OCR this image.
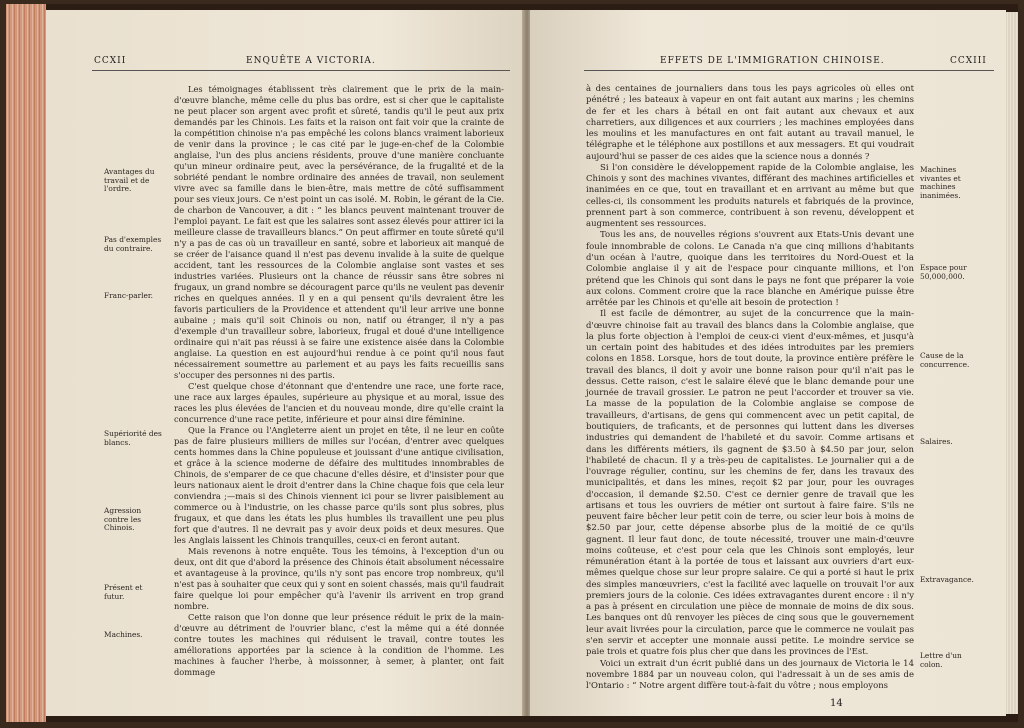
CCXII	ENQUÊTE A VICTORIA.
Avantages du travail et de l'ordre.
Pas d'exemples du contraire.
Franc-parler.
Supériorité des blancs.
Agression contre les Chinois.
Présent et futur.
Machines.

Les témoignages établissent très clairement que le prix de la main-d'œuvre blanche, même celle du plus bas ordre, est si cher que le capitaliste ne peut placer son argent avec profit et sûreté, tandis qu'il le peut aux prix demandés par les Chinois. Les faits et la raison ont fait voir que la crainte de la compétition chinoise n'a pas empêché les colons blancs vraiment laborieux de venir dans la province ; le cas cité par le juge-en-chef de la Colombie anglaise, l'un des plus anciens résidents, prouve d'une manière concluante qu'un mineur ordinaire peut, avec la persévérance, de la frugalité et de la sobriété pendant le nombre ordinaire des années de travail, non seulement vivre avec sa famille dans le bien-être, mais mettre de côté suffisamment pour ses vieux jours. Ce n'est point un cas isolé. M. Robin, le gérant de la Cie. de charbon de Vancouver, a dit : “ les blancs peuvent maintenant trouver de l'emploi payant. Le fait est que les salaires sont assez élevés pour attirer ici la meilleure classe de travailleurs blancs.” On peut affirmer en toute sûreté qu'il n'y a pas de cas où un travailleur en santé, sobre et laborieux ait manqué de se créer de l'aisance quand il n'est pas devenu invalide à la suite de quelque accident, tant les ressources de la Colombie anglaise sont vastes et ses industries variées. Plusieurs ont la chance de réussir sans être sobres ni frugaux, un grand nombre se découragent parce qu'ils ne veulent pas devenir riches en quelques années. Il y en a qui pensent qu'ils devraient être les favoris particuliers de la Providence et attendent qu'il leur arrive une bonne aubaine ; mais qu'il soit Chinois ou non, natif ou étranger, il n'y a pas d'exemple d'un travailleur sobre, laborieux, frugal et doué d'une intelligence ordinaire qui n'ait pas réussi à se faire une existence aisée dans la Colombie anglaise. La question en est aujourd'hui rendue à ce point qu'il nous faut nécessairement soumettre au parlement et au pays les faits recueillis sans s'occuper des personnes ni des partis.

C'est quelque chose d'étonnant que d'entendre une race, une forte race, une race aux larges épaules, supérieure au physique et au moral, issue des races les plus élevées de l'ancien et du nouveau monde, dire qu'elle craint la concurrence d'une race petite, inférieure et pour ainsi dire féminine.

Que la France ou l'Angleterre aient un projet en tête, il ne leur en coûte pas de faire plusieurs milliers de milles sur l'océan, d'entrer avec quelques cents hommes dans la Chine populeuse et jouissant d'une antique civilisation, et grâce à la science moderne de défaire des multitudes innombrables de Chinois, de s'emparer de ce que chacune d'elles désire, et d'insister pour que leurs nationaux aient le droit d'entrer dans la Chine chaque fois que cela leur conviendra ;—mais si des Chinois viennent ici pour se livrer paisiblement au commerce ou à l'industrie, on les chasse parce qu'ils sont plus sobres, plus frugaux, et que dans les états les plus humbles ils travaillent une peu plus fort que d'autres. Il ne devrait pas y avoir deux poids et deux mesures. Que les Anglais laissent les Chinois tranquilles, ceux-ci en feront autant.

Mais revenons à notre enquête. Tous les témoins, à l'exception d'un ou deux, ont dit que d'abord la présence des Chinois était absolument nécessaire et avantageuse à la province, qu'ils n'y sont pas encore trop nombreux, qu'il n'est pas à souhaiter que ceux qui y sont en soient chassés, mais qu'il faudrait faire quelque loi pour empêcher qu'à l'avenir ils arrivent en trop grand nombre.

Cette raison que l'on donne que leur présence réduit le prix de la main-d'œuvre au détriment de l'ouvrier blanc, c'est la même qui a été donnée contre toutes les machines qui réduisent le travail, contre toutes les améliorations apportées par la science à la condition de l'homme. Les machines à faucher l'herbe, à moissonner, à semer, à planter, ont fait dommage

EFFETS DE L'IMMIGRATION CHINOISE.	CCXIII

à des centaines de journaliers dans tous les pays agricoles où elles ont pénétré ; les bateaux à vapeur en ont fait autant aux marins ; les chemins de fer et les chars à bétail en ont fait autant aux chevaux et aux charretiers, aux diligences et aux courriers ; les machines employées dans les moulins et les manufactures en ont fait autant au travail manuel, le télégraphe et le téléphone aux postillons et aux messagers. Et qui voudrait aujourd'hui se passer de ces aides que la science nous a donnés ?

Si l'on considère le développement rapide de la Colombie anglaise, les Chinois y sont des machines vivantes, différant des machines artificielles et inanimées en ce que, tout en travaillant et en arrivant au même but que celles-ci, ils consomment les produits naturels et fabriqués de la province, prennent part à son commerce, contribuent à son revenu, développent et augmentent ses ressources.

Tous les ans, de nouvelles régions s'ouvrent aux Etats-Unis devant une foule innombrable de colons. Le Canada n'a que cinq millions d'habitants d'un océan à l'autre, quoique dans les territoires du Nord-Ouest et la Colombie anglaise il y ait de l'espace pour cinquante millions, et l'on prétend que les Chinois qui sont dans le pays ne font que préparer la voie aux colons. Comment croire que la race blanche en Amérique puisse être arrêtée par les Chinois et qu'elle ait besoin de protection !

Il est facile de démontrer, au sujet de la concurrence que la main-d'œuvre chinoise fait au travail des blancs dans la Colombie anglaise, que la plus forte objection à l'emploi de ceux-ci vient d'eux-mêmes, et jusqu'à un certain point des habitudes et des idées introduites par les premiers colons en 1858. Lorsque, hors de tout doute, la province entière préfère le travail des blancs, il doit y avoir une bonne raison pour qu'il n'ait pas le dessus. Cette raison, c'est le salaire élevé que le blanc demande pour une journée de travail grossier. Le patron ne peut l'accorder et trouver sa vie. La masse de la population de la Colombie anglaise se compose de travailleurs, d'artisans, de gens qui commencent avec un petit capital, de boutiquiers, de traficants, et de personnes qui luttent dans les diverses industries qui demandent de l'habileté et du savoir. Comme artisans et dans les différents métiers, ils gagnent de $3.50 à $4.50 par jour, selon l'habileté de chacun. Il y a très-peu de capitalistes. Le journalier qui a de l'ouvrage régulier, continu, sur les chemins de fer, dans les travaux des municipalités, et dans les mines, reçoit $2 par jour, pour les ouvrages d'occasion, il demande $2.50. C'est ce dernier genre de travail que les artisans et tous les ouvriers de métier ont surtout à faire faire. S'ils ne peuvent faire bêcher leur petit coin de terre, ou scier leur bois à moins de $2.50 par jour, cette dépense absorbe plus de la moitié de ce qu'ils gagnent. Il leur faut donc, de toute nécessité, trouver une main-d'œuvre moins coûteuse, et c'est pour cela que les Chinois sont employés, leur rémunération étant à la portée de tous et laissant aux ouvriers d'art eux-mêmes quelque chose sur leur propre salaire. Ce qui a porté si haut le prix des simples manœuvriers, c'est la facilité avec laquelle on trouvait l'or aux premiers jours de la colonie. Ces idées extravagantes durent encore : il n'y a pas à présent en circulation une pièce de monnaie de moins de dix sous. Les banques ont dû renvoyer les pièces de cinq sous que le gouvernement leur avait livrées pour la circulation, parce que le commerce ne voulait pas s'en servir et accepter une monnaie aussi petite. Le moindre service se paie trois et quatre fois plus cher que dans les provinces de l'Est.

Voici un extrait d'un écrit publié dans un des journaux de Victoria le 14 novembre 1884 par un nouveau colon, qui l'adressait à un de ses amis de l'Ontario : “ Notre argent diffère tout-à-fait du vôtre ; nous employons

Machines vivantes et machines inanimées.
Espace pour 50,000,000.
Cause de la concurrence.
Salaires.
Extravagance.
Lettre d'un colon.
14
